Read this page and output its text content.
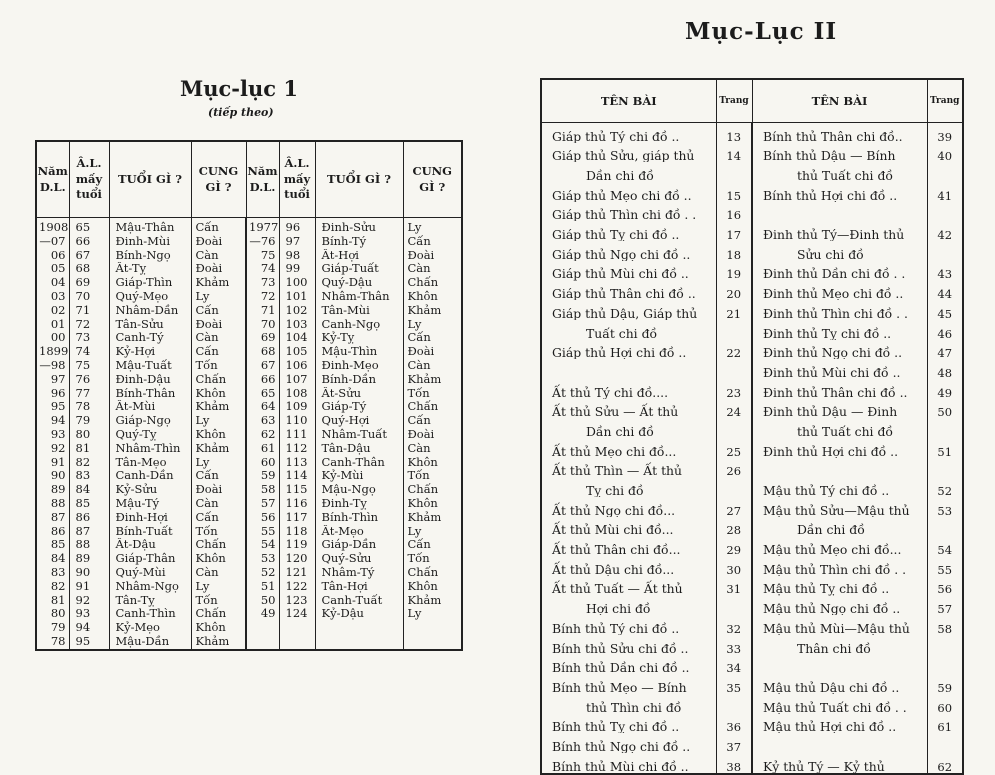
Mục-lục 1
(tiếp theo)
Năm D.L.	Â.L. mấy tuổi	TUỔI GÌ ?	CUNG GÌ ?	Năm D.L.	Â.L. mấy tuổi	TUỔI GÌ ?	CUNG GÌ ?
1908	65	Mậu-Thân	Cấn	1977	96	Đinh-Sửu	Ly
—07	66	Đinh-Mùi	Đoài	—76	97	Bính-Tý	Cấn
06	67	Bính-Ngọ	Càn	75	98	Ất-Hợi	Đoài
05	68	Ất-Tỵ	Đoài	74	99	Giáp-Tuất	Càn
04	69	Giáp-Thìn	Khảm	73	100	Quý-Dậu	Chấn
03	70	Quý-Mẹo	Ly	72	101	Nhâm-Thân	Khôn
02	71	Nhâm-Dần	Cấn	71	102	Tân-Mùi	Khảm
01	72	Tân-Sửu	Đoài	70	103	Canh-Ngọ	Ly
00	73	Canh-Tý	Càn	69	104	Kỷ-Tỵ	Cấn
1899	74	Kỷ-Hợi	Cấn	68	105	Mậu-Thìn	Đoài
—98	75	Mậu-Tuất	Tốn	67	106	Đinh-Mẹo	Càn
97	76	Đinh-Dậu	Chấn	66	107	Bính-Dần	Khảm
96	77	Bính-Thân	Khôn	65	108	Ất-Sửu	Tốn
95	78	Ất-Mùi	Khảm	64	109	Giáp-Tý	Chấn
94	79	Giáp-Ngọ	Ly	63	110	Quý-Hợi	Cấn
93	80	Quý-Tỵ	Khôn	62	111	Nhâm-Tuất	Đoài
92	81	Nhâm-Thìn	Khảm	61	112	Tân-Dậu	Càn
91	82	Tân-Mẹo	Ly	60	113	Canh-Thân	Khôn
90	83	Canh-Dần	Cấn	59	114	Kỷ-Mùi	Tốn
89	84	Kỷ-Sửu	Đoài	58	115	Mậu-Ngọ	Chấn
88	85	Mậu-Tý	Càn	57	116	Đinh-Tỵ	Khôn
87	86	Đinh-Hợi	Cấn	56	117	Bính-Thìn	Khảm
86	87	Bính-Tuất	Tốn	55	118	Ất-Mẹo	Ly
85	88	Ất-Dậu	Chấn	54	119	Giáp-Dần	Cấn
84	89	Giáp-Thân	Khôn	53	120	Quý-Sửu	Tốn
83	90	Quý-Mùi	Càn	52	121	Nhâm-Tý	Chấn
82	91	Nhâm-Ngọ	Ly	51	122	Tân-Hợi	Khôn
81	92	Tân-Tỵ	Tốn	50	123	Canh-Tuất	Khảm
80	93	Canh-Thìn	Chấn	49	124	Kỷ-Dậu	Ly
79	94	Kỷ-Mẹo	Khôn				
78	95	Mậu-Dần	Khảm				
Mục-Lục II
TÊN BÀI	Trang	TÊN BÀI	Trang
Giáp thủ Tý chi đồ ..	13	Bính thủ Thân chi đồ..	39
Giáp thủ Sửu, giáp thủ	14	Bính thủ Dậu — Bính	40
Dần chi đồ		thủ Tuất chi đồ	
Giáp thủ Mẹo chi đồ ..	15	Bính thủ Hợi chi đồ ..	41
Giáp thủ Thìn chi đồ . .	16		
Giáp thủ Tỵ chi đồ ..	17	Đinh thủ Tý—Đinh thủ	42
Giáp thủ Ngọ chi đồ ..	18	Sửu chi đồ	
Giáp thủ Mùi chi đồ ..	19	Đinh thủ Dần chi đồ . .	43
Giáp thủ Thân chi đồ ..	20	Đinh thủ Mẹo chi đồ ..	44
Giáp thủ Dậu, Giáp thủ	21	Đinh thủ Thìn chi đồ . .	45
Tuất chi đồ		Đinh thủ Tỵ chi đồ ..	46
Giáp thủ Hợi chi đồ ..	22	Đinh thủ Ngọ chi đồ ..	47
		Đinh thủ Mùi chi đồ ..	48
Ất thủ Tý chi đồ....	23	Đinh thủ Thân chi đồ ..	49
Ất thủ Sửu — Ất thủ	24	Đinh thủ Dậu — Đinh	50
Dần chi đồ		thủ Tuất chi đồ	
Ất thủ Mẹo chi đồ...	25	Đinh thủ Hợi chi đồ ..	51
Ất thủ Thìn — Ất thủ	26		
Tỵ chi đồ		Mậu thủ Tý chi đồ ..	52
Ất thủ Ngọ chi đồ...	27	Mậu thủ Sửu—Mậu thủ	53
Ất thủ Mùi chi đồ...	28	Dần chi đồ	
Ất thủ Thân chi đồ...	29	Mậu thủ Mẹo chi đồ...	54
Ất thủ Dậu chi đồ...	30	Mậu thủ Thìn chi đồ . .	55
Ất thủ Tuất — Ất thủ	31	Mậu thủ Tỵ chi đồ ..	56
Hợi chi đồ		Mậu thủ Ngọ chi đồ ..	57
Bính thủ Tý chi đồ ..	32	Mậu thủ Mùi—Mậu thủ	58
Bính thủ Sửu chi đồ ..	33	Thân chi đồ	
Bính thủ Dần chi đồ ..	34		
Bính thủ Mẹo — Bính	35	Mậu thủ Dậu chi đồ ..	59
thủ Thìn chi đồ		Mậu thủ Tuất chi đồ . .	60
Bính thủ Tỵ chi đồ ..	36	Mậu thủ Hợi chi đồ ..	61
Bính thủ Ngọ chi đồ ..	37		
Bính thủ Mùi chi đồ ..	38	Kỷ thủ Tý — Kỷ thủ	62
